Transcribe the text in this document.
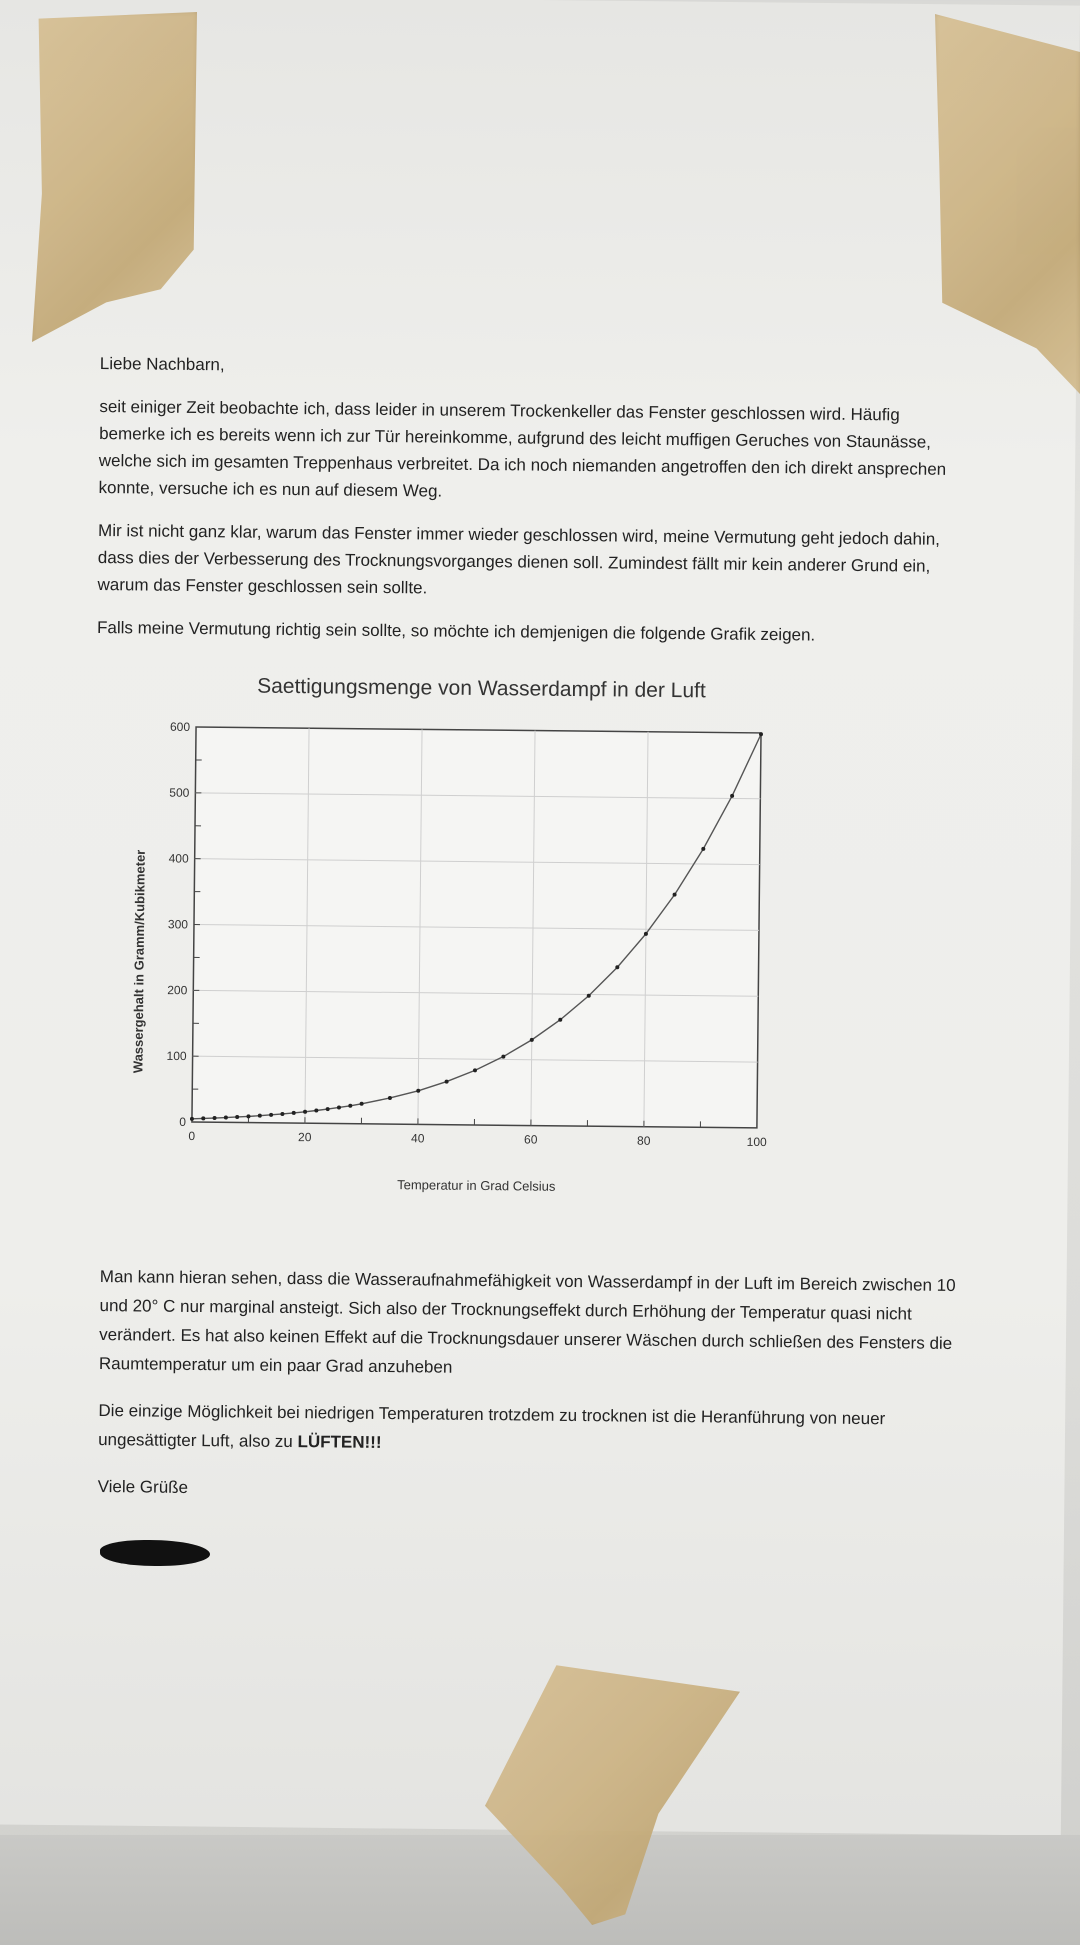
Liebe Nachbarn,

seit einiger Zeit beobachte ich, dass leider in unserem Trockenkeller das Fenster geschlossen wird. Häufig bemerke ich es bereits wenn ich zur Tür hereinkomme, aufgrund des leicht muffigen Geruches von Staunässe, welche sich im gesamten Treppenhaus verbreitet. Da ich noch niemanden angetroffen den ich direkt ansprechen konnte, versuche ich es nun auf diesem Weg.

Mir ist nicht ganz klar, warum das Fenster immer wieder geschlossen wird, meine Vermutung geht jedoch dahin, dass dies der Verbesserung des Trocknungsvorganges dienen soll. Zumindest fällt mir kein anderer Grund ein, warum das Fenster geschlossen sein sollte.

Falls meine Vermutung richtig sein sollte, so möchte ich demjenigen die folgende Grafik zeigen.

Saettigungsmenge von Wasserdampf in der Luft
Temperatur in Grad Celsius
Wassergehalt in Gramm/Kubikmeter
0	20	40	60	80	100
0
100
200
300
400
500
600

Man kann hieran sehen, dass die Wasseraufnahmefähigkeit von Wasserdampf in der Luft im Bereich zwischen 10 und 20° C nur marginal ansteigt. Sich also der Trocknungseffekt durch Erhöhung der Temperatur quasi nicht verändert. Es hat also keinen Effekt auf die Trocknungsdauer unserer Wäschen durch schließen des Fensters die Raumtemperatur um ein paar Grad anzuheben

Die einzige Möglichkeit bei niedrigen Temperaturen trotzdem zu trocknen ist die Heranführung von neuer ungesättigter Luft, also zu LÜFTEN!!!

Viele Grüße
